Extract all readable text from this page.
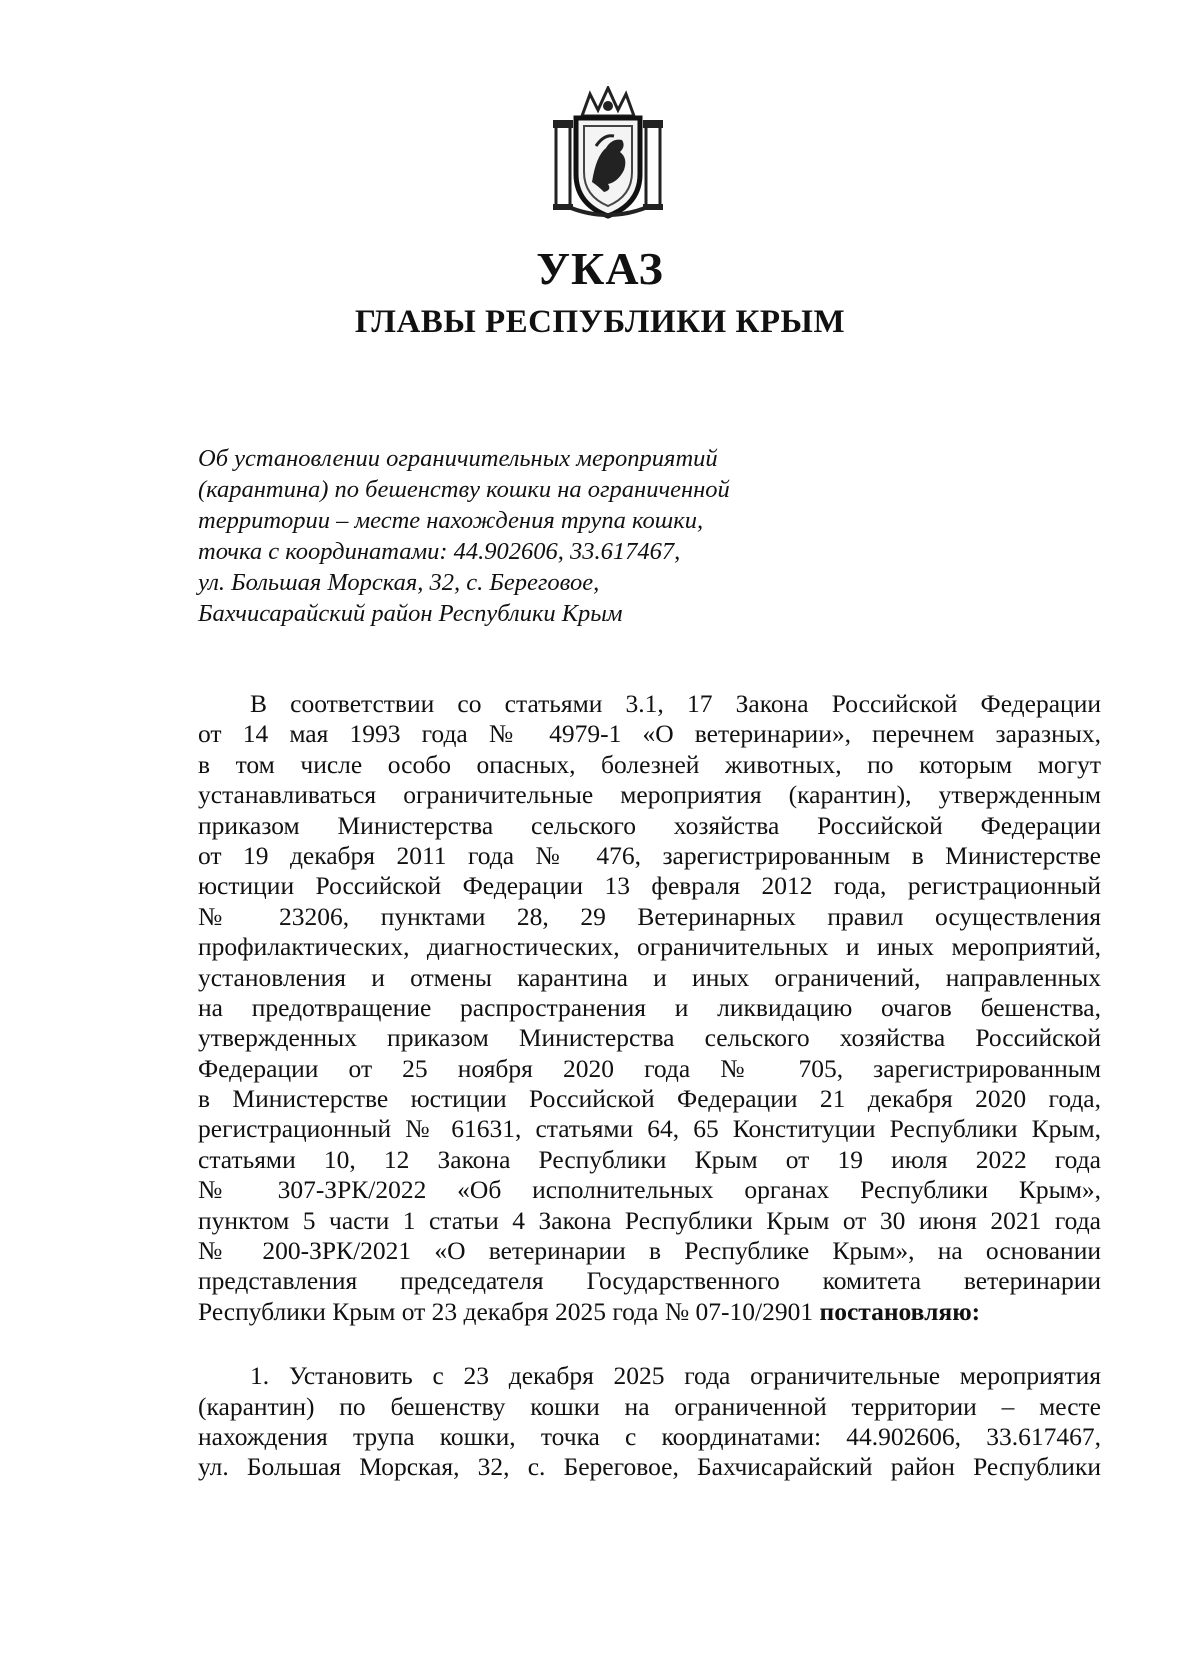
УКАЗ
ГЛАВЫ РЕСПУБЛИКИ КРЫМ
Об установлении ограничительных мероприятий
(карантина) по бешенству кошки на ограниченной
территории – месте нахождения трупа кошки,
точка с координатами: 44.902606, 33.617467,
ул. Большая Морская, 32, с. Береговое,
Бахчисарайский район Республики Крым
В соответствии со статьями 3.1, 17 Закона Российской Федерации
от 14 мая 1993 года № 4979-1 «О ветеринарии», перечнем заразных,
в том числе особо опасных, болезней животных, по которым могут
устанавливаться ограничительные мероприятия (карантин), утвержденным
приказом Министерства сельского хозяйства Российской Федерации
от 19 декабря 2011 года № 476, зарегистрированным в Министерстве
юстиции Российской Федерации 13 февраля 2012 года, регистрационный
№ 23206, пунктами 28, 29 Ветеринарных правил осуществления
профилактических, диагностических, ограничительных и иных мероприятий,
установления и отмены карантина и иных ограничений, направленных
на предотвращение распространения и ликвидацию очагов бешенства,
утвержденных приказом Министерства сельского хозяйства Российской
Федерации от 25 ноября 2020 года № 705, зарегистрированным
в Министерстве юстиции Российской Федерации 21 декабря 2020 года,
регистрационный № 61631, статьями 64, 65 Конституции Республики Крым,
статьями 10, 12 Закона Республики Крым от 19 июля 2022 года
№ 307-ЗРК/2022 «Об исполнительных органах Республики Крым»,
пунктом 5 части 1 статьи 4 Закона Республики Крым от 30 июня 2021 года
№ 200-ЗРК/2021 «О ветеринарии в Республике Крым», на основании
представления председателя Государственного комитета ветеринарии
Республики Крым от 23 декабря 2025 года № 07-10/2901 постановляю:
1. Установить с 23 декабря 2025 года ограничительные мероприятия
(карантин) по бешенству кошки на ограниченной территории – месте
нахождения трупа кошки, точка с координатами: 44.902606, 33.617467,
ул. Большая Морская, 32, с. Береговое, Бахчисарайский район Республики
